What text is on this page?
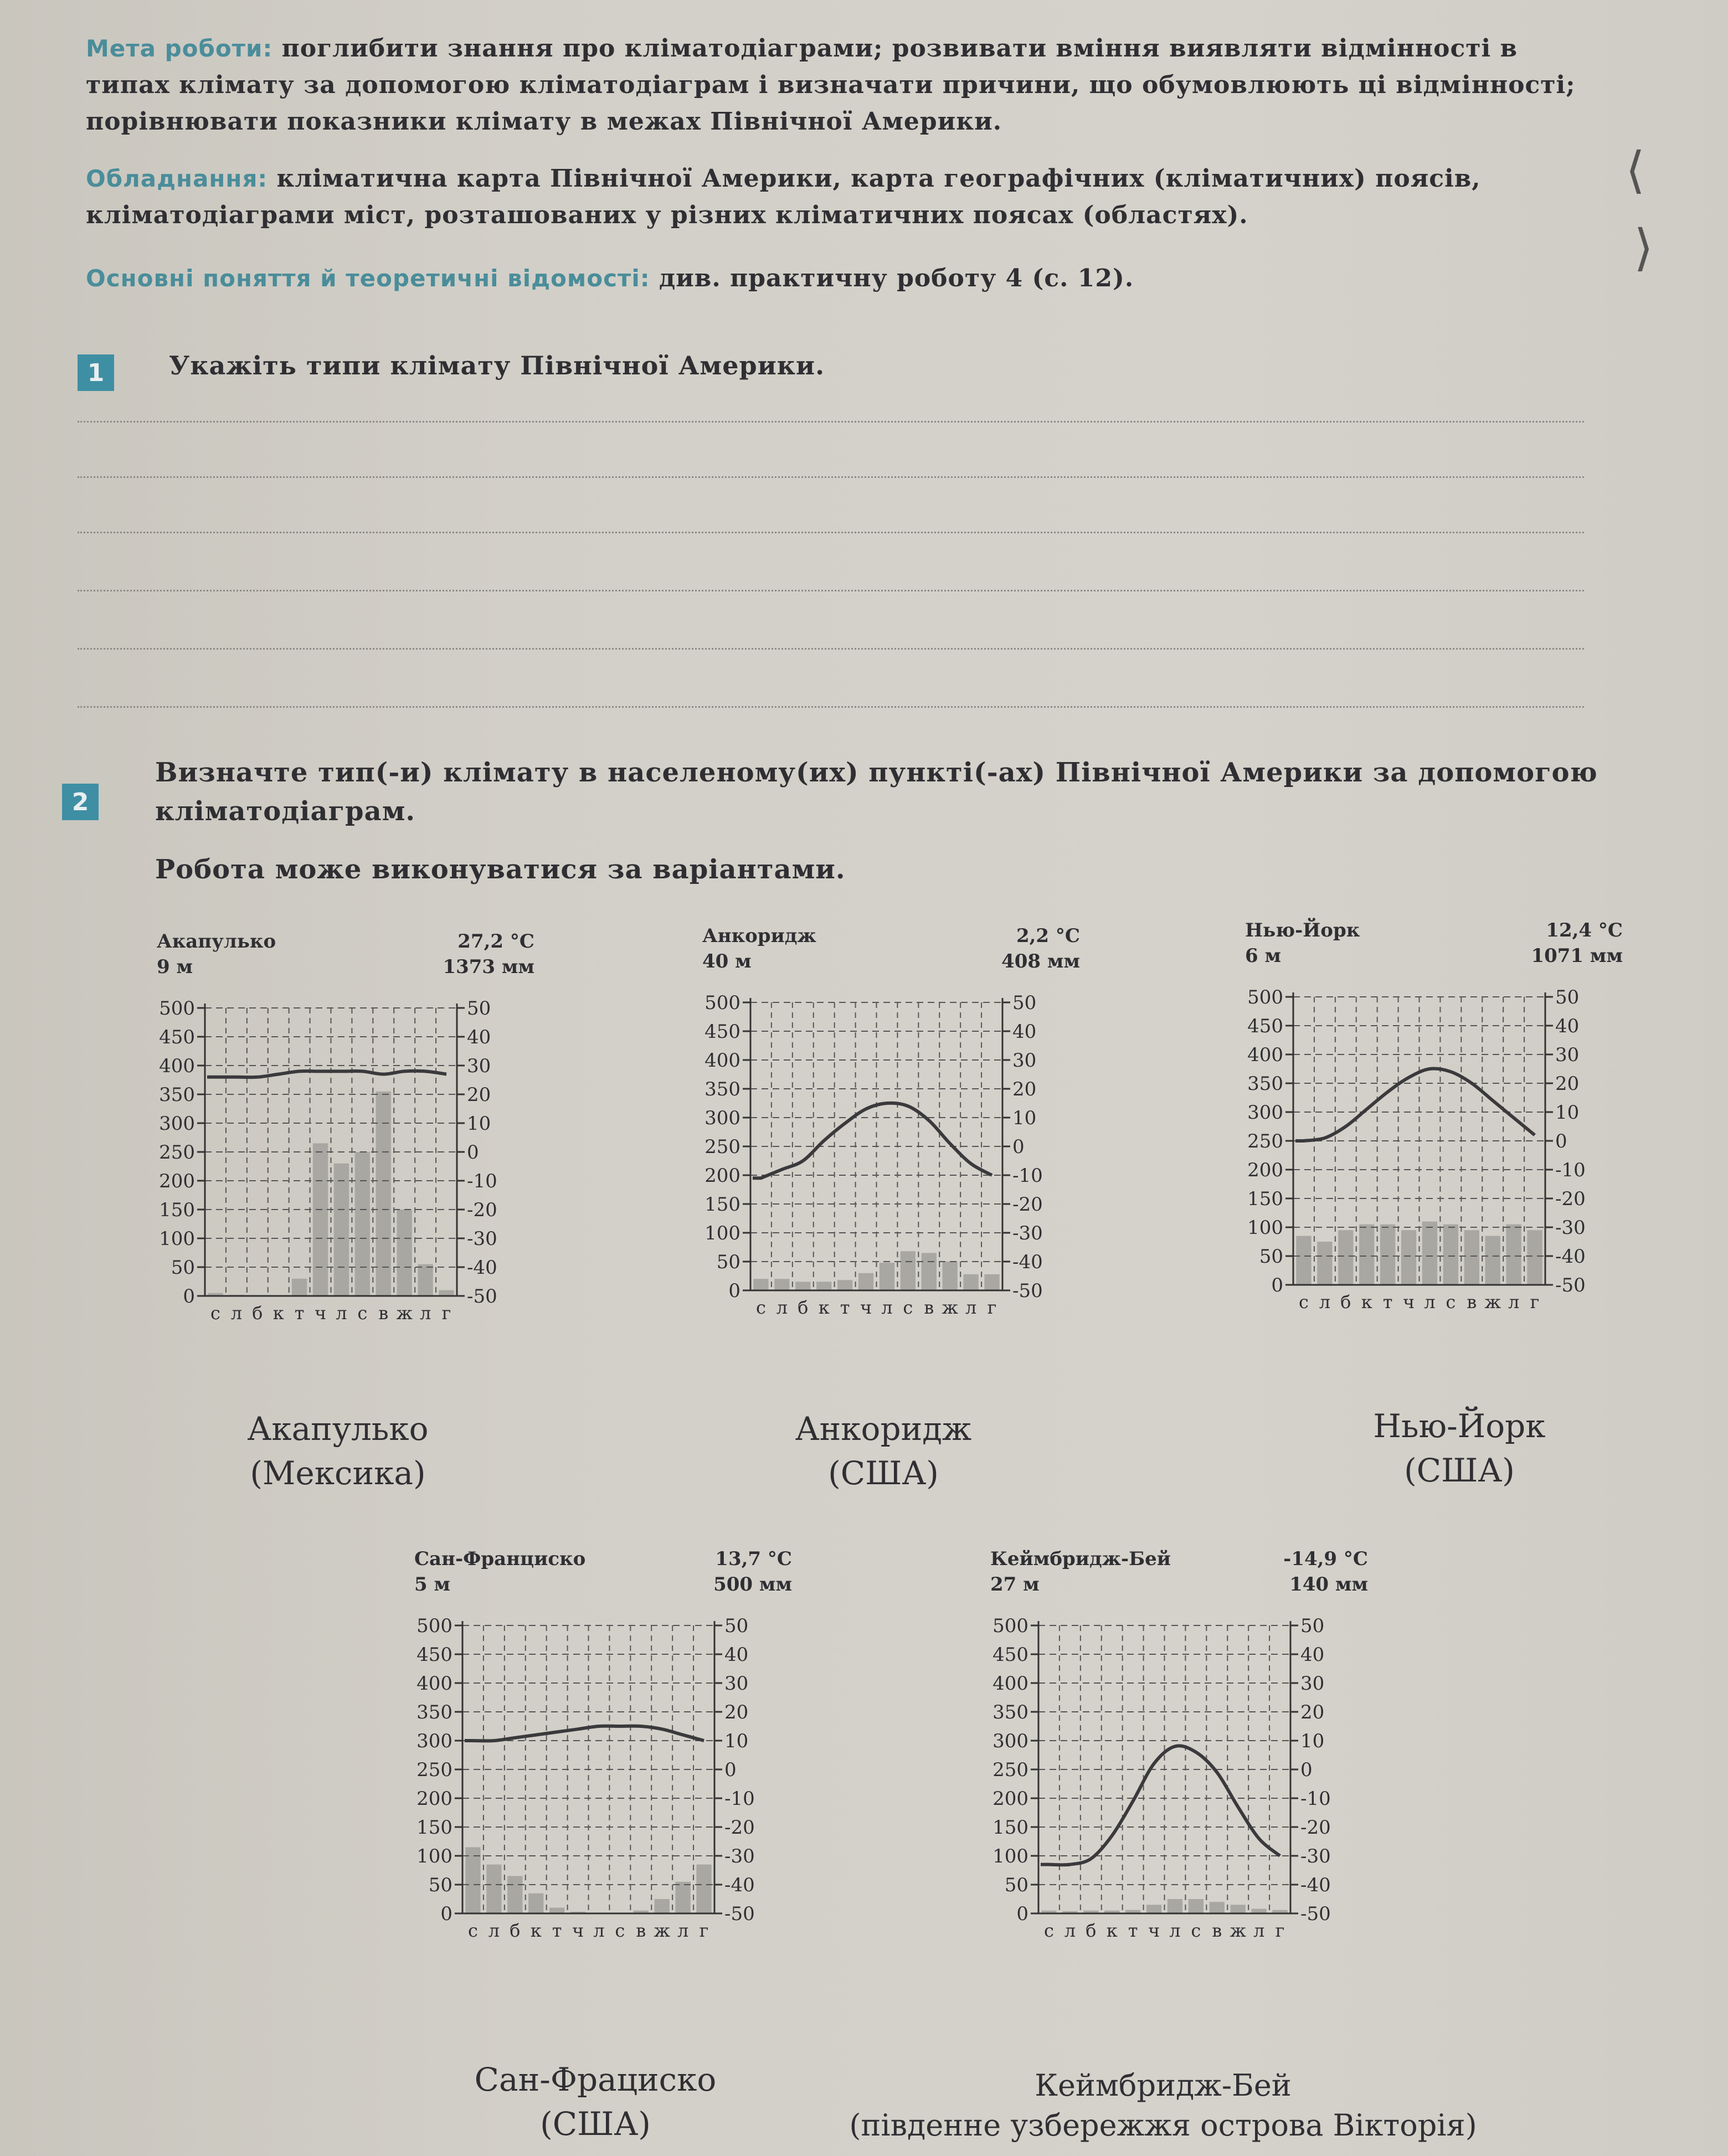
Мета роботи: поглибити знання про кліматодіаграми; розвивати вміння виявляти відмінності в типах клімату за допомогою кліматодіаграм і визначати причини, що обумовлюють ці відмінності; порівнювати показники клімату в межах Північної Америки.
Обладнання: кліматична карта Північної Америки, карта географічних (кліматичних) поясів, кліматодіаграми міст, розташованих у різних кліматичних поясах (областях).
Основні поняття й теоретичні відомості: див. практичну роботу 4 (с. 12).
⟨
⟩
1	Укажіть типи клімату Північної Америки.
2
Визначте тип(-и) клімату в населеному(их) пункті(-ах) Північної Америки за допомогою кліматодіаграм.
Робота може виконуватися за варіантами.
Акапулько
9 м
27,2 °C
1373 мм
500
450
400
350
300
250
200
150
100
50
0
50
40
30
20
10
0
-10
-20
-30
-40
-50
с л б к т ч л с в ж л г
Анкоридж
40 м
2,2 °C
408 мм
500
450
400
350
300
250
200
150
100
50
0
50
40
30
20
10
0
-10
-20
-30
-40
-50
с л б к т ч л с в ж л г
Нью-Йорк
6 м
12,4 °C
1071 мм
500
450
400
350
300
250
200
150
100
50
0
50
40
30
20
10
0
-10
-20
-30
-40
-50
с л б к т ч л с в ж л г
Сан-Франциско
5 м
13,7 °C
500 мм
500
450
400
350
300
250
200
150
100
50
0
50
40
30
20
10
0
-10
-20
-30
-40
-50
с л б к т ч л с в ж л г
Кеймбридж-Бей
27 м
-14,9 °C
140 мм
500
450
400
350
300
250
200
150
100
50
0
50
40
30
20
10
0
-10
-20
-30
-40
-50
с л б к т ч л с в ж л г
Акапулько
(Мексика)
Анкоридж
(США)
Нью-Йорк
(США)
Сан-Фрациско
(США)
Кеймбридж-Бей
(південне узбережжя острова Вікторія)
